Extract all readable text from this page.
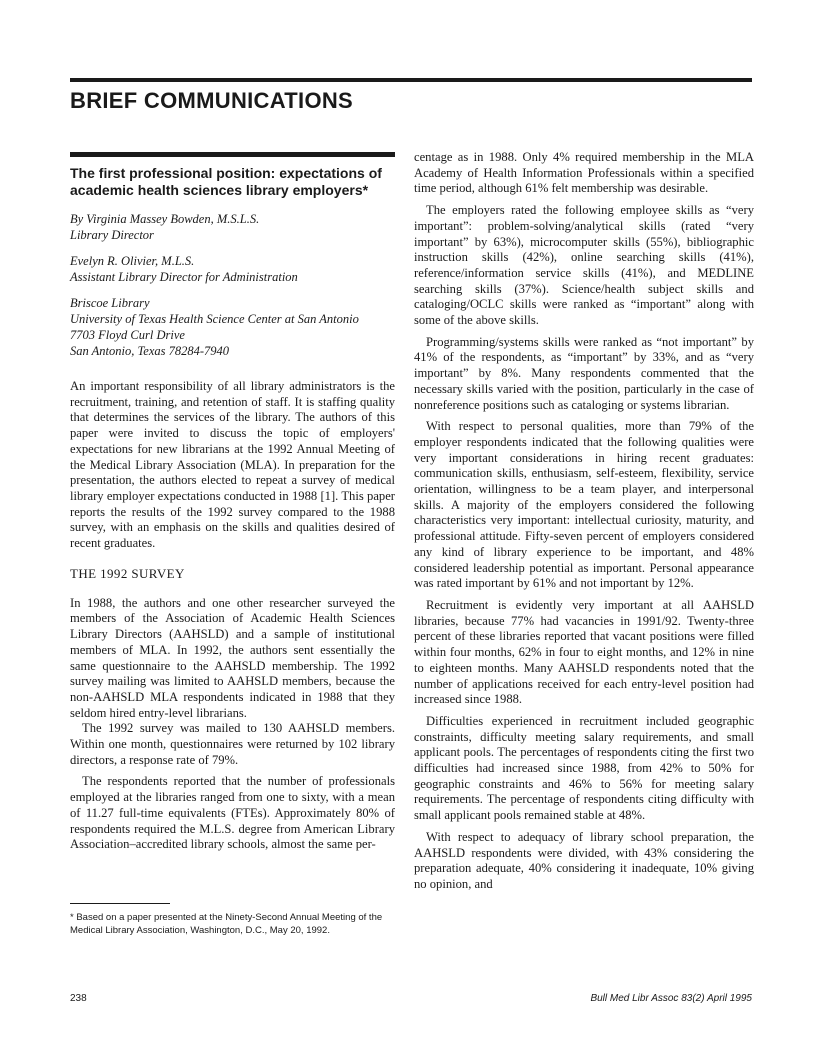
BRIEF COMMUNICATIONS
The first professional position: expectations of academic health sciences library employers*
By Virginia Massey Bowden, M.S.L.S.
Library Director
Evelyn R. Olivier, M.L.S.
Assistant Library Director for Administration
Briscoe Library
University of Texas Health Science Center at San Antonio
7703 Floyd Curl Drive
San Antonio, Texas 78284-7940

An important responsibility of all library administrators is the recruitment, training, and retention of staff. It is staffing quality that determines the services of the library. The authors of this paper were invited to discuss the topic of employers' expectations for new librarians at the 1992 Annual Meeting of the Medical Library Association (MLA). In preparation for the presentation, the authors elected to repeat a survey of medical library employer expectations conducted in 1988 [1]. This paper reports the results of the 1992 survey compared to the 1988 survey, with an emphasis on the skills and qualities desired of recent graduates.

THE 1992 SURVEY

In 1988, the authors and one other researcher surveyed the members of the Association of Academic Health Sciences Library Directors (AAHSLD) and a sample of institutional members of MLA. In 1992, the authors sent essentially the same questionnaire to the AAHSLD membership. The 1992 survey mailing was limited to AAHSLD members, because the non-AAHSLD MLA respondents indicated in 1988 that they seldom hired entry-level librarians.

The 1992 survey was mailed to 130 AAHSLD members. Within one month, questionnaires were returned by 102 library directors, a response rate of 79%.

The respondents reported that the number of professionals employed at the libraries ranged from one to sixty, with a mean of 11.27 full-time equivalents (FTEs). Approximately 80% of respondents required the M.L.S. degree from American Library Association–accredited library schools, almost the same per-

centage as in 1988. Only 4% required membership in the MLA Academy of Health Information Professionals within a specified time period, although 61% felt membership was desirable.

The employers rated the following employee skills as “very important”: problem-solving/analytical skills (rated “very important” by 63%), microcomputer skills (55%), bibliographic instruction skills (42%), online searching skills (41%), reference/information service skills (41%), and MEDLINE searching skills (37%). Science/health subject skills and cataloging/OCLC skills were ranked as “important” along with some of the above skills.

Programming/systems skills were ranked as “not important” by 41% of the respondents, as “important” by 33%, and as “very important” by 8%. Many respondents commented that the necessary skills varied with the position, particularly in the case of nonreference positions such as cataloging or systems librarian.

With respect to personal qualities, more than 79% of the employer respondents indicated that the following qualities were very important considerations in hiring recent graduates: communication skills, enthusiasm, self-esteem, flexibility, service orientation, willingness to be a team player, and interpersonal skills. A majority of the employers considered the following characteristics very important: intellectual curiosity, maturity, and professional attitude. Fifty-seven percent of employers considered any kind of library experience to be important, and 48% considered leadership potential as important. Personal appearance was rated important by 61% and not important by 12%.

Recruitment is evidently very important at all AAHSLD libraries, because 77% had vacancies in 1991/92. Twenty-three percent of these libraries reported that vacant positions were filled within four months, 62% in four to eight months, and 12% in nine to eighteen months. Many AAHSLD respondents noted that the number of applications received for each entry-level position had increased since 1988.

Difficulties experienced in recruitment included geographic constraints, difficulty meeting salary requirements, and small applicant pools. The percentages of respondents citing the first two difficulties had increased since 1988, from 42% to 50% for geographic constraints and 46% to 56% for meeting salary requirements. The percentage of respondents citing difficulty with small applicant pools remained stable at 48%.

With respect to adequacy of library school preparation, the AAHSLD respondents were divided, with 43% considering the preparation adequate, 40% considering it inadequate, 10% giving no opinion, and

* Based on a paper presented at the Ninety-Second Annual Meeting of the Medical Library Association, Washington, D.C., May 20, 1992.

238	Bull Med Libr Assoc 83(2) April 1995
